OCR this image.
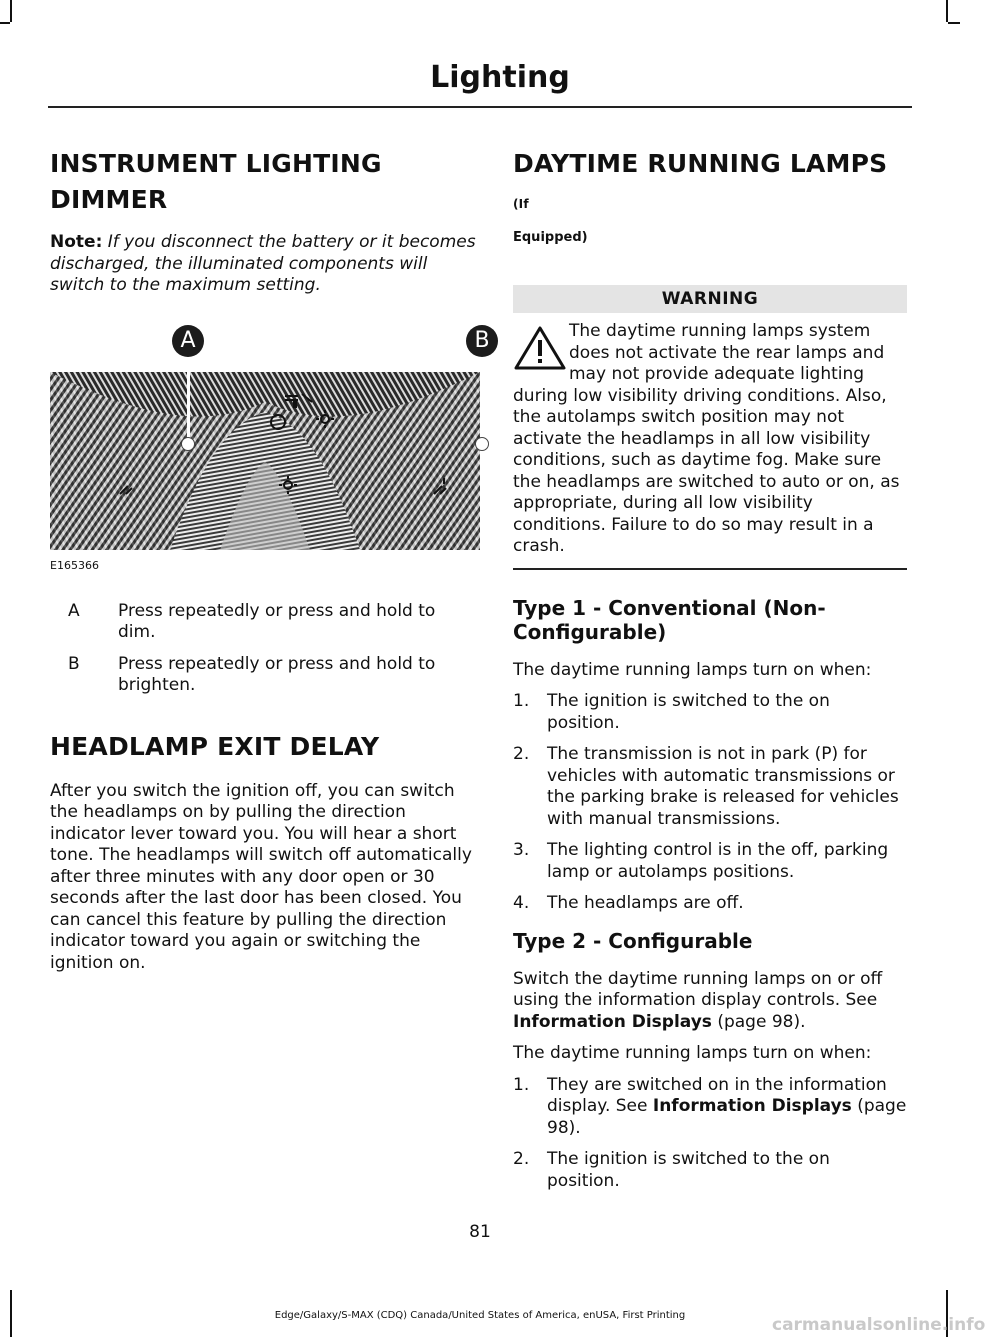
Lighting
INSTRUMENT LIGHTING
DIMMER

Note: If you disconnect the battery or it becomes discharged, the illuminated components will switch to the maximum setting.

A	B
E165366
A	Press repeatedly or press and hold to dim.
B	Press repeatedly or press and hold to brighten.
HEADLAMP EXIT DELAY

After you switch the ignition off, you can switch the headlamps on by pulling the direction indicator lever toward you. You will hear a short tone. The headlamps will switch off automatically after three minutes with any door open or 30 seconds after the last door has been closed. You can cancel this feature by pulling the direction indicator toward you again or switching the ignition on.

DAYTIME RUNNING LAMPS (If
Equipped)
WARNING
The daytime running lamps system does not activate the rear lamps and may not provide adequate lighting during low visibility driving conditions. Also, the autolamps switch position may not activate the headlamps in all low visibility conditions, such as daytime fog. Make sure the headlamps are switched to auto or on, as appropriate, during all low visibility conditions. Failure to do so may result in a crash.
Type 1 - Conventional (Non-Configurable)

The daytime running lamps turn on when:

1.	The ignition is switched to the on position.
2.	The transmission is not in park (P) for vehicles with automatic transmissions or the parking brake is released for vehicles with manual transmissions.
3.	The lighting control is in the off, parking lamp or autolamps positions.
4.	The headlamps are off.
Type 2 - Configurable

Switch the daytime running lamps on or off using the information display controls. See Information Displays (page 98).

The daytime running lamps turn on when:

1.	They are switched on in the information display. See Information Displays (page 98).
2.	The ignition is switched to the on position.
81
Edge/Galaxy/S-MAX (CDQ) Canada/United States of America, enUSA, First Printing	carmanualsonline.info
